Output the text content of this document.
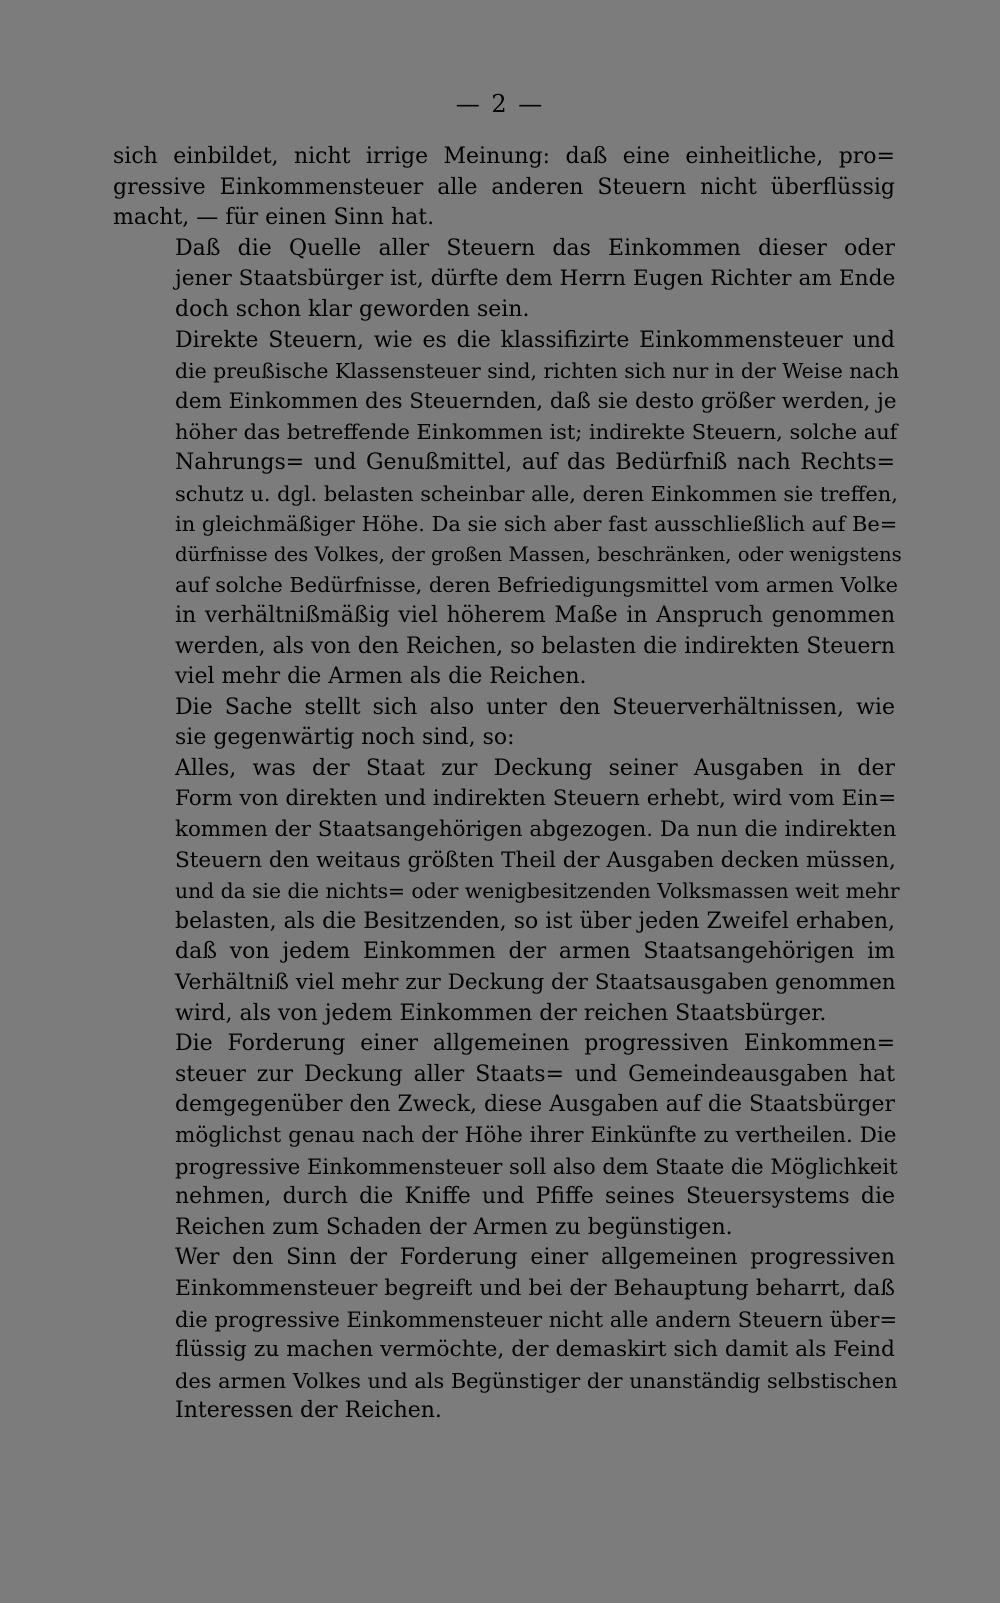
— 2 —
sich einbildet, nicht irrige Meinung: daß eine einheitliche, pro=
gressive Einkommensteuer alle anderen Steuern nicht überflüssig
macht, — für einen Sinn hat.
Daß die Quelle aller Steuern das Einkommen dieser oder
jener Staatsbürger ist, dürfte dem Herrn Eugen Richter am Ende
doch schon klar geworden sein.
Direkte Steuern, wie es die klassifizirte Einkommensteuer und
die preußische Klassensteuer sind, richten sich nur in der Weise nach
dem Einkommen des Steuernden, daß sie desto größer werden, je
höher das betreffende Einkommen ist; indirekte Steuern, solche auf
Nahrungs= und Genußmittel, auf das Bedürfniß nach Rechts=
schutz u. dgl. belasten scheinbar alle, deren Einkommen sie treffen,
in gleichmäßiger Höhe. Da sie sich aber fast ausschließlich auf Be=
dürfnisse des Volkes, der großen Massen, beschränken, oder wenigstens
auf solche Bedürfnisse, deren Befriedigungsmittel vom armen Volke
in verhältnißmäßig viel höherem Maße in Anspruch genommen
werden, als von den Reichen, so belasten die indirekten Steuern
viel mehr die Armen als die Reichen.
Die Sache stellt sich also unter den Steuerverhältnissen, wie
sie gegenwärtig noch sind, so:
Alles, was der Staat zur Deckung seiner Ausgaben in der
Form von direkten und indirekten Steuern erhebt, wird vom Ein=
kommen der Staatsangehörigen abgezogen. Da nun die indirekten
Steuern den weitaus größten Theil der Ausgaben decken müssen,
und da sie die nichts= oder wenigbesitzenden Volksmassen weit mehr
belasten, als die Besitzenden, so ist über jeden Zweifel erhaben,
daß von jedem Einkommen der armen Staatsangehörigen im
Verhältniß viel mehr zur Deckung der Staatsausgaben genommen
wird, als von jedem Einkommen der reichen Staatsbürger.
Die Forderung einer allgemeinen progressiven Einkommen=
steuer zur Deckung aller Staats= und Gemeindeausgaben hat
demgegenüber den Zweck, diese Ausgaben auf die Staatsbürger
möglichst genau nach der Höhe ihrer Einkünfte zu vertheilen. Die
progressive Einkommensteuer soll also dem Staate die Möglichkeit
nehmen, durch die Kniffe und Pfiffe seines Steuersystems die
Reichen zum Schaden der Armen zu begünstigen.
Wer den Sinn der Forderung einer allgemeinen progressiven
Einkommensteuer begreift und bei der Behauptung beharrt, daß
die progressive Einkommensteuer nicht alle andern Steuern über=
flüssig zu machen vermöchte, der demaskirt sich damit als Feind
des armen Volkes und als Begünstiger der unanständig selbstischen
Interessen der Reichen.
